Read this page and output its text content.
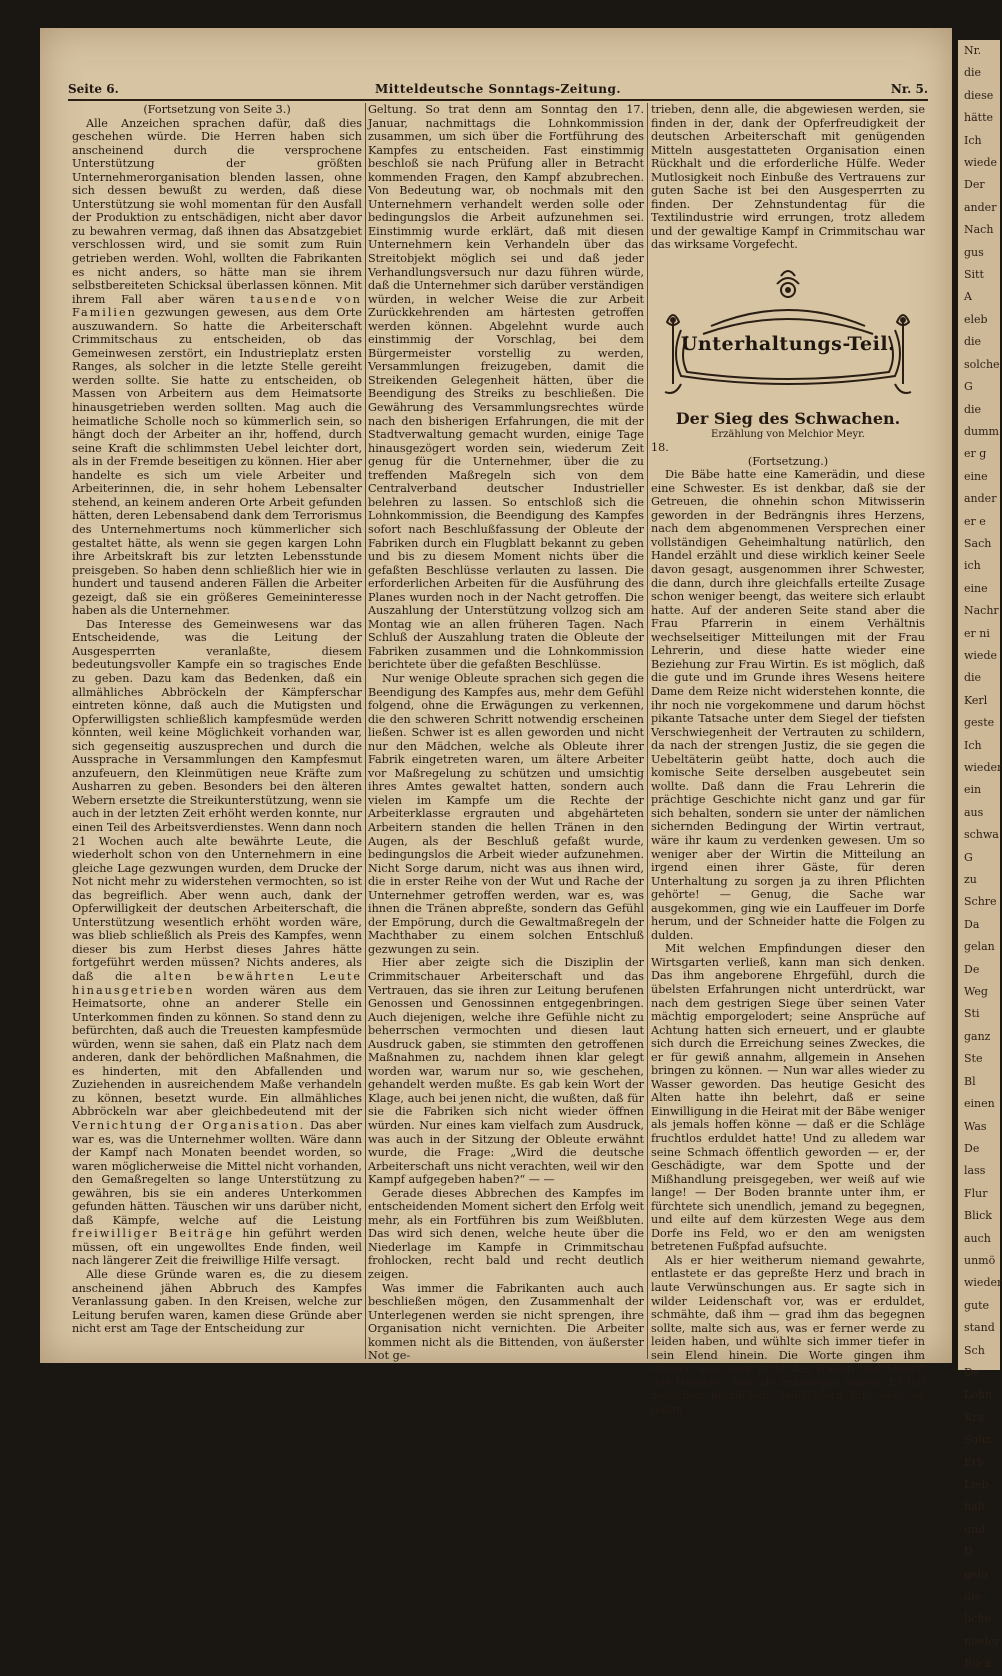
Nr.
die
diese
hätte
Ich
wiede
Der
ander
Nach
gus
Sitt
A
eleb
die
solche
G
die
dumm
er g
eine
ander
er e
Sach
ich
eine
Nachr
er ni
wiede
die
Kerl
geste
Ich
wieder
ein
aus
schwa
G
zu
Schre
Da
gelan
De
Weg
Sti
ganz
Ste
Bl
einen
Was
De
lass
Flur
Blick
auch
unmö
wieder
gute
stand
Sch
De
Lohn
Kra
Sohn
Erb
Lieb
hält
und
D
gelo
die
liche
nieder
Rück
Seite 6.	Mitteldeutsche Sonntags-Zeitung.	Nr. 5.

(Fortsetzung von Seite 3.)

Alle Anzeichen sprachen dafür, daß dies geschehen würde. Die Herren haben sich anscheinend durch die versprochene Unterstützung der größten Unternehmerorganisation blenden lassen, ohne sich dessen bewußt zu werden, daß diese Unterstützung sie wohl momentan für den Ausfall der Produktion zu entschädigen, nicht aber davor zu bewahren vermag, daß ihnen das Absatzgebiet verschlossen wird, und sie somit zum Ruin getrieben werden. Wohl, wollten die Fabrikanten es nicht anders, so hätte man sie ihrem selbstbereiteten Schicksal überlassen können. Mit ihrem Fall aber wären tausende von Familien gezwungen gewesen, aus dem Orte auszuwandern. So hatte die Arbeiterschaft Crimmitschaus zu entscheiden, ob das Gemeinwesen zerstört, ein Industrieplatz ersten Ranges, als solcher in die letzte Stelle gereiht werden sollte. Sie hatte zu entscheiden, ob Massen von Arbeitern aus dem Heimatsorte hinausgetrieben werden sollten. Mag auch die heimatliche Scholle noch so kümmerlich sein, so hängt doch der Arbeiter an ihr, hoffend, durch seine Kraft die schlimmsten Uebel leichter dort, als in der Fremde beseitigen zu können. Hier aber handelte es sich um viele Arbeiter und Arbeiterinnen, die, in sehr hohem Lebensalter stehend, an keinem anderen Orte Arbeit gefunden hätten, deren Lebensabend dank dem Terrorismus des Unternehmertums noch kümmerlicher sich gestaltet hätte, als wenn sie gegen kargen Lohn ihre Arbeitskraft bis zur letzten Lebensstunde preisgeben. So haben denn schließlich hier wie in hundert und tausend anderen Fällen die Arbeiter gezeigt, daß sie ein größeres Gemeininteresse haben als die Unternehmer.

Das Interesse des Gemeinwesens war das Entscheidende, was die Leitung der Ausgesperrten veranlaßte, diesem bedeutungsvoller Kampfe ein so tragisches Ende zu geben. Dazu kam das Bedenken, daß ein allmähliches Abbröckeln der Kämpferschar eintreten könne, daß auch die Mutigsten und Opferwilligsten schließlich kampfesmüde werden könnten, weil keine Möglichkeit vorhanden war, sich gegenseitig auszusprechen und durch die Aussprache in Versammlungen den Kampfesmut anzufeuern, den Kleinmütigen neue Kräfte zum Ausharren zu geben. Besonders bei den älteren Webern ersetzte die Streikunterstützung, wenn sie auch in der letzten Zeit erhöht werden konnte, nur einen Teil des Arbeitsverdienstes. Wenn dann noch 21 Wochen auch alte bewährte Leute, die wiederholt schon von den Unternehmern in eine gleiche Lage gezwungen wurden, dem Drucke der Not nicht mehr zu widerstehen vermochten, so ist das begreiflich. Aber wenn auch, dank der Opferwilligkeit der deutschen Arbeiterschaft, die Unterstützung wesentlich erhöht worden wäre, was blieb schließlich als Preis des Kampfes, wenn dieser bis zum Herbst dieses Jahres hätte fortgeführt werden müssen? Nichts anderes, als daß die alten bewährten Leute hinausgetrieben worden wären aus dem Heimatsorte, ohne an anderer Stelle ein Unterkommen finden zu können. So stand denn zu befürchten, daß auch die Treuesten kampfesmüde würden, wenn sie sahen, daß ein Platz nach dem anderen, dank der behördlichen Maßnahmen, die es hinderten, mit den Abfallenden und Zuziehenden in ausreichendem Maße verhandeln zu können, besetzt wurde. Ein allmähliches Abbröckeln war aber gleichbedeutend mit der Vernichtung der Organisation. Das aber war es, was die Unternehmer wollten. Wäre dann der Kampf nach Monaten beendet worden, so waren möglicherweise die Mittel nicht vorhanden, den Gemaßregelten so lange Unterstützung zu gewähren, bis sie ein anderes Unterkommen gefunden hätten. Täuschen wir uns darüber nicht, daß Kämpfe, welche auf die Leistung freiwilliger Beiträge hin geführt werden müssen, oft ein ungewolltes Ende finden, weil nach längerer Zeit die freiwillige Hilfe versagt.

Alle diese Gründe waren es, die zu diesem anscheinend jähen Abbruch des Kampfes Veranlassung gaben. In den Kreisen, welche zur Leitung berufen waren, kamen diese Gründe aber nicht erst am Tage der Entscheidung zur

Geltung. So trat denn am Sonntag den 17. Januar, nachmittags die Lohnkommission zusammen, um sich über die Fortführung des Kampfes zu entscheiden. Fast einstimmig beschloß sie nach Prüfung aller in Betracht kommenden Fragen, den Kampf abzubrechen. Von Bedeutung war, ob nochmals mit den Unternehmern verhandelt werden solle oder bedingungslos die Arbeit aufzunehmen sei. Einstimmig wurde erklärt, daß mit diesen Unternehmern kein Verhandeln über das Streitobjekt möglich sei und daß jeder Verhandlungsversuch nur dazu führen würde, daß die Unternehmer sich darüber verständigen würden, in welcher Weise die zur Arbeit Zurückkehrenden am härtesten getroffen werden können. Abgelehnt wurde auch einstimmig der Vorschlag, bei dem Bürgermeister vorstellig zu werden, Versammlungen freizugeben, damit die Streikenden Gelegenheit hätten, über die Beendigung des Streiks zu beschließen. Die Gewährung des Versammlungsrechtes würde nach den bisherigen Erfahrungen, die mit der Stadtverwaltung gemacht wurden, einige Tage hinausgezögert worden sein, wiederum Zeit genug für die Unternehmer, über die zu treffenden Maßregeln sich von dem Centralverband deutscher Industrieller belehren zu lassen. So entschloß sich die Lohnkommission, die Beendigung des Kampfes sofort nach Beschlußfassung der Obleute der Fabriken durch ein Flugblatt bekannt zu geben und bis zu diesem Moment nichts über die gefaßten Beschlüsse verlauten zu lassen. Die erforderlichen Arbeiten für die Ausführung des Planes wurden noch in der Nacht getroffen. Die Auszahlung der Unterstützung vollzog sich am Montag wie an allen früheren Tagen. Nach Schluß der Auszahlung traten die Obleute der Fabriken zusammen und die Lohnkommission berichtete über die gefaßten Beschlüsse.

Nur wenige Obleute sprachen sich gegen die Beendigung des Kampfes aus, mehr dem Gefühl folgend, ohne die Erwägungen zu verkennen, die den schweren Schritt notwendig erscheinen ließen. Schwer ist es allen geworden und nicht nur den Mädchen, welche als Obleute ihrer Fabrik eingetreten waren, um ältere Arbeiter vor Maßregelung zu schützen und umsichtig ihres Amtes gewaltet hatten, sondern auch vielen im Kampfe um die Rechte der Arbeiterklasse ergrauten und abgehärteten Arbeitern standen die hellen Tränen in den Augen, als der Beschluß gefaßt wurde, bedingungslos die Arbeit wieder aufzunehmen. Nicht Sorge darum, nicht was aus ihnen wird, die in erster Reihe von der Wut und Rache der Unternehmer getroffen werden, war es, was ihnen die Tränen abpreßte, sondern das Gefühl der Empörung, durch die Gewaltmaßregeln der Machthaber zu einem solchen Entschluß gezwungen zu sein.

Hier aber zeigte sich die Disziplin der Crimmitschauer Arbeiterschaft und das Vertrauen, das sie ihren zur Leitung berufenen Genossen und Genossinnen entgegenbringen. Auch diejenigen, welche ihre Gefühle nicht zu beherrschen vermochten und diesen laut Ausdruck gaben, sie stimmten den getroffenen Maßnahmen zu, nachdem ihnen klar gelegt worden war, warum nur so, wie geschehen, gehandelt werden mußte. Es gab kein Wort der Klage, auch bei jenen nicht, die wußten, daß für sie die Fabriken sich nicht wieder öffnen würden. Nur eines kam vielfach zum Ausdruck, was auch in der Sitzung der Obleute erwähnt wurde, die Frage: „Wird die deutsche Arbeiterschaft uns nicht verachten, weil wir den Kampf aufgegeben haben?“ — —

Gerade dieses Abbrechen des Kampfes im entscheidenden Moment sichert den Erfolg weit mehr, als ein Fortführen bis zum Weißbluten. Das wird sich denen, welche heute über die Niederlage im Kampfe in Crimmitschau frohlocken, recht bald und recht deutlich zeigen.

Was immer die Fabrikanten auch auch beschließen mögen, den Zusammenhalt der Unterlegenen werden sie nicht sprengen, ihre Organisation nicht vernichten. Die Arbeiter kommen nicht als die Bittenden, von äußerster Not ge-

trieben, denn alle, die abgewiesen werden, sie finden in der, dank der Opferfreudigkeit der deutschen Arbeiterschaft mit genügenden Mitteln ausgestatteten Organisation einen Rückhalt und die erforderliche Hülfe. Weder Mutlosigkeit noch Einbuße des Vertrauens zur guten Sache ist bei den Ausgesperrten zu finden. Der Zehnstundentag für die Textilindustrie wird errungen, trotz alledem und der gewaltige Kampf in Crimmitschau war das wirksame Vorgefecht.

Unterhaltungs-Teil.

Der Sieg des Schwachen.

Erzählung von Melchior Meyr.

18.

(Fortsetzung.)

Die Bäbe hatte eine Kamerädin, und diese eine Schwester. Es ist denkbar, daß sie der Getreuen, die ohnehin schon Mitwisserin geworden in der Bedrängnis ihres Herzens, nach dem abgenommenen Versprechen einer vollständigen Geheimhaltung natürlich, den Handel erzählt und diese wirklich keiner Seele davon gesagt, ausgenommen ihrer Schwester, die dann, durch ihre gleichfalls erteilte Zusage schon weniger beengt, das weitere sich erlaubt hatte. Auf der anderen Seite stand aber die Frau Pfarrerin in einem Verhältnis wechselseitiger Mitteilungen mit der Frau Lehrerin, und diese hatte wieder eine Beziehung zur Frau Wirtin. Es ist möglich, daß die gute und im Grunde ihres Wesens heitere Dame dem Reize nicht widerstehen konnte, die ihr noch nie vorgekommene und darum höchst pikante Tatsache unter dem Siegel der tiefsten Verschwiegenheit der Vertrauten zu schildern, da nach der strengen Justiz, die sie gegen die Uebeltäterin geübt hatte, doch auch die komische Seite derselben ausgebeutet sein wollte. Daß dann die Frau Lehrerin die prächtige Geschichte nicht ganz und gar für sich behalten, sondern sie unter der nämlichen sichernden Bedingung der Wirtin vertraut, wäre ihr kaum zu verdenken gewesen. Um so weniger aber der Wirtin die Mitteilung an irgend einen ihrer Gäste, für deren Unterhaltung zu sorgen ja zu ihren Pflichten gehörte! — Genug, die Sache war ausgekommen, ging wie ein Lauffeuer im Dorfe herum, und der Schneider hatte die Folgen zu dulden.

Mit welchen Empfindungen dieser den Wirtsgarten verließ, kann man sich denken. Das ihm angeborene Ehrgefühl, durch die übelsten Erfahrungen nicht unterdrückt, war nach dem gestrigen Siege über seinen Vater mächtig emporgelodert; seine Ansprüche auf Achtung hatten sich erneuert, und er glaubte sich durch die Erreichung seines Zweckes, die er für gewiß annahm, allgemein in Ansehen bringen zu können. — Nun war alles wieder zu Wasser geworden. Das heutige Gesicht des Alten hatte ihn belehrt, daß er seine Einwilligung in die Heirat mit der Bäbe weniger als jemals hoffen könne — daß er die Schläge fruchtlos erduldet hatte! Und zu alledem war seine Schmach öffentlich geworden — er, der Geschädigte, war dem Spotte und der Mißhandlung preisgegeben, wer weiß auf wie lange! — Der Boden brannte unter ihm, er fürchtete sich unendlich, jemand zu begegnen, und eilte auf dem kürzesten Wege aus dem Dorfe ins Feld, wo er den am wenigsten betretenen Fußpfad aufsuchte.

Als er hier weitherum niemand gewahrte, entlastete er das gepreßte Herz und brach in laute Verwünschungen aus. Er sagte sich in wilder Leidenschaft vor, was er erduldet, schmähte, daß ihm — grad ihm das begegnen sollte, malte sich aus, was er ferner werde zu leiden haben, und wühlte sich immer tiefer in sein Elend hinein. Die Worte gingen ihm endlich aus, aber nicht das Wallen und Sieden des Herzens, dem sie entstiegen waren. Er lief zwischen herrlichen Saatfeldern hin, aber er nahm
